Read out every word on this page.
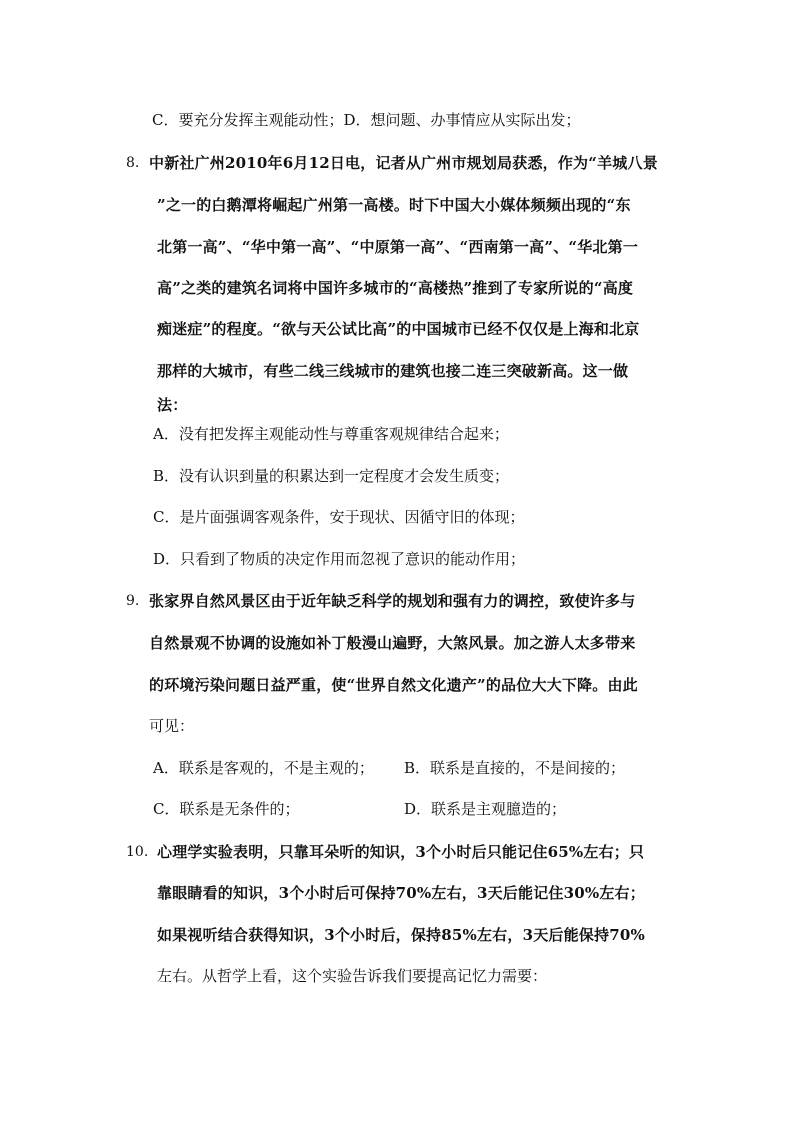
C．要充分发挥主观能动性；D．想问题、办事情应从实际出发；
8. 中新社广州2010年6月12日电，记者从广州市规划局获悉，作为“羊城八景
”之一的白鹅潭将崛起广州第一高楼。时下中国大小媒体频频出现的“东
北第一高”、“华中第一高”、“中原第一高”、“西南第一高”、“华北第一
高”之类的建筑名词将中国许多城市的“高楼热”推到了专家所说的“高度
痴迷症”的程度。“欲与天公试比高”的中国城市已经不仅仅是上海和北京
那样的大城市，有些二线三线城市的建筑也接二连三突破新高。这一做
法：
A．没有把发挥主观能动性与尊重客观规律结合起来；
B．没有认识到量的积累达到一定程度才会发生质变；
C．是片面强调客观条件，安于现状、因循守旧的体现；
D．只看到了物质的决定作用而忽视了意识的能动作用；
9. 张家界自然风景区由于近年缺乏科学的规划和强有力的调控，致使许多与
自然景观不协调的设施如补丁般漫山遍野，大煞风景。加之游人太多带来
的环境污染问题日益严重，使“世界自然文化遗产”的品位大大下降。由此
可见：
A．联系是客观的，不是主观的； B．联系是直接的，不是间接的；
C．联系是无条件的；	D．联系是主观臆造的；
10. 心理学实验表明，只靠耳朵听的知识，3个小时后只能记住65%左右；只
靠眼睛看的知识，3个小时后可保持70%左右，3天后能记住30%左右；
如果视听结合获得知识，3个小时后，保持85%左右，3天后能保持70%
左右。从哲学上看，这个实验告诉我们要提高记忆力需要：
